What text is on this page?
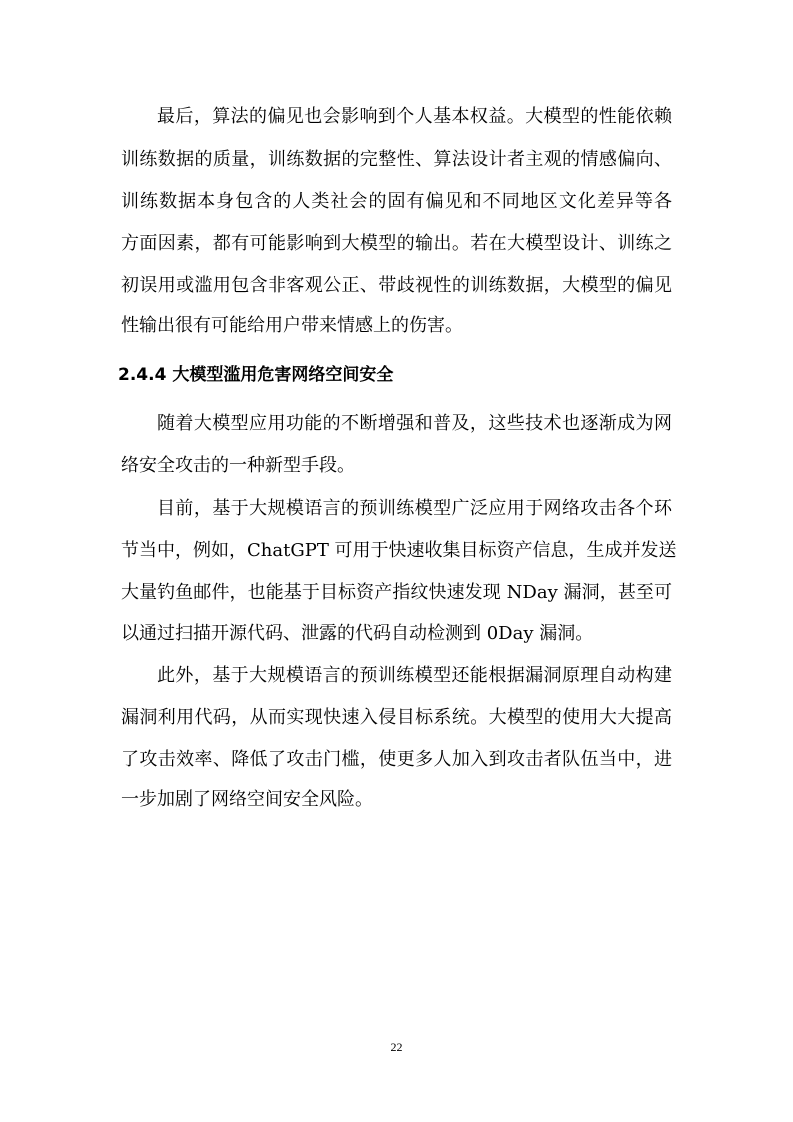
最后，算法的偏见也会影响到个人基本权益。大模型的性能依赖
训练数据的质量，训练数据的完整性、算法设计者主观的情感偏向、
训练数据本身包含的人类社会的固有偏见和不同地区文化差异等各
方面因素，都有可能影响到大模型的输出。若在大模型设计、训练之
初误用或滥用包含非客观公正、带歧视性的训练数据，大模型的偏见
性输出很有可能给用户带来情感上的伤害。
2.4.4 大模型滥用危害网络空间安全
随着大模型应用功能的不断增强和普及，这些技术也逐渐成为网
络安全攻击的一种新型手段。
目前，基于大规模语言的预训练模型广泛应用于网络攻击各个环
节当中，例如，ChatGPT 可用于快速收集目标资产信息，生成并发送
大量钓鱼邮件，也能基于目标资产指纹快速发现 NDay 漏洞，甚至可
以通过扫描开源代码、泄露的代码自动检测到 0Day 漏洞。
此外，基于大规模语言的预训练模型还能根据漏洞原理自动构建
漏洞利用代码，从而实现快速入侵目标系统。大模型的使用大大提高
了攻击效率、降低了攻击门槛，使更多人加入到攻击者队伍当中，进
一步加剧了网络空间安全风险。
22
